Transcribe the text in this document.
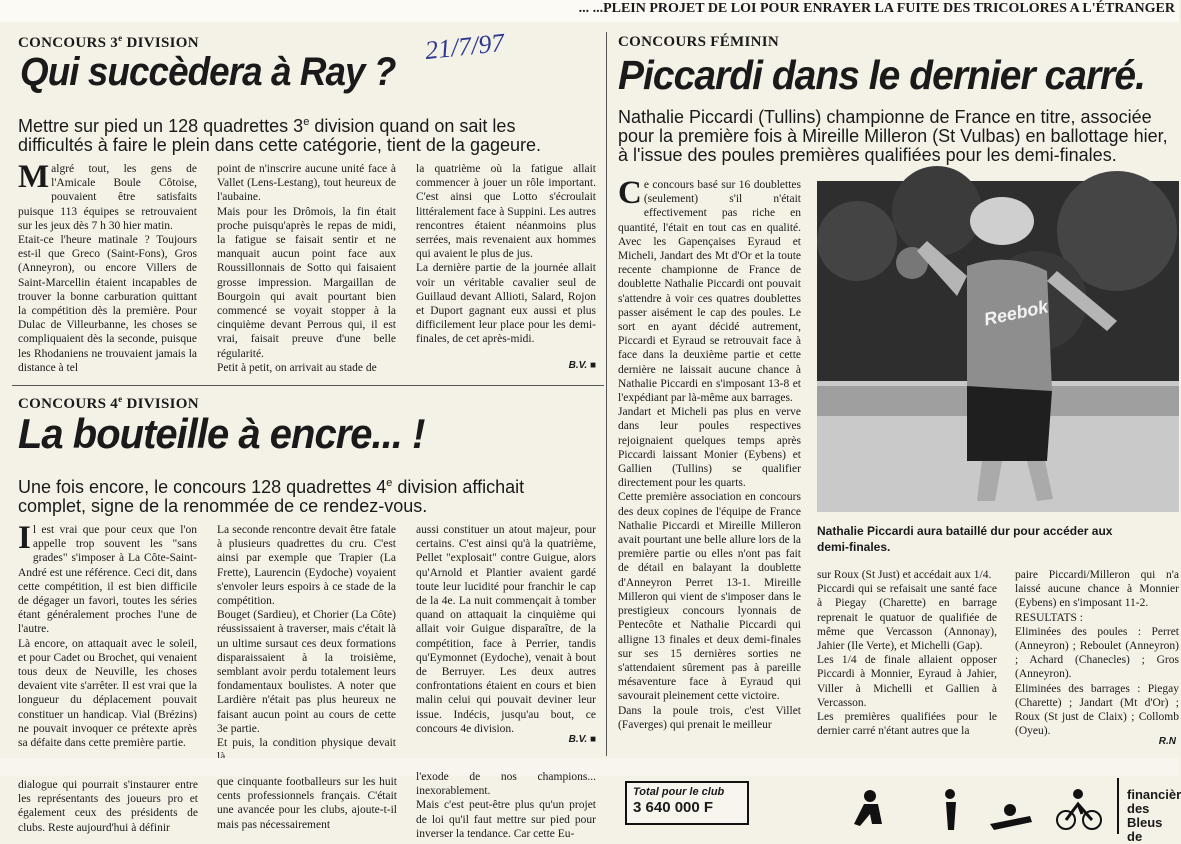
... ...PLEIN PROJET DE LOI POUR ENRAYER LA FUITE DES TRICOLORES A L'ÉTRANGER
CONCOURS 3e DIVISION	21/7/97
Qui succèdera à Ray ?
Mettre sur pied un 128 quadrettes 3e division quand on sait les difficultés à faire le plein dans cette catégorie, tient de la gageure.
Malgré tout, les gens de l'Amicale Boule Côtoise, pouvaient être satisfaits puisque 113 équipes se retrouvaient sur les jeux dès 7 h 30 hier matin.
Etait-ce l'heure matinale ? Toujours est-il que Greco (Saint-Fons), Gros (Anneyron), ou encore Villers de Saint-Marcellin étaient incapables de trouver la bonne carburation quittant la compétition dès la première. Pour Dulac de Villeurbanne, les choses se compliquaient dès la seconde, puisque les Rhodaniens ne trouvaient jamais la distance à tel
point de n'inscrire aucune unité face à Vallet (Lens-Lestang), tout heureux de l'aubaine.
Mais pour les Drômois, la fin était proche puisqu'après le repas de midi, la fatigue se faisait sentir et ne manquait aucun point face aux Roussillonnais de Sotto qui faisaient grosse impression. Margaillan de Bourgoin qui avait pourtant bien commencé se voyait stopper à la cinquième devant Perrous qui, il est vrai, faisait preuve d'une belle régularité.
Petit à petit, on arrivait au stade de
la quatrième où la fatigue allait commencer à jouer un rôle important. C'est ainsi que Lotto s'écroulait littéralement face à Suppini. Les autres rencontres étaient néanmoins plus serrées, mais revenaient aux hommes qui avaient le plus de jus.
La dernière partie de la journée allait voir un véritable cavalier seul de Guillaud devant Allioti, Salard, Rojon et Duport gagnant eux aussi et plus difficilement leur place pour les demi-finales, de cet après-midi.
B.V. ■
CONCOURS 4e DIVISION
La bouteille à encre... !
Une fois encore, le concours 128 quadrettes 4e division affichait complet, signe de la renommée de ce rendez-vous.
Il est vrai que pour ceux que l'on appelle trop souvent les "sans grades" s'imposer à La Côte-Saint-André est une référence. Ceci dit, dans cette compétition, il est bien difficile de dégager un favori, toutes les séries étant généralement proches l'une de l'autre.
Là encore, on attaquait avec le soleil, et pour Cadet ou Brochet, qui venaient tous deux de Neuville, les choses devaient vite s'arrêter. Il est vrai que la longueur du déplacement pouvait constituer un handicap. Vial (Brézins) ne pouvait invoquer ce prétexte après sa défaite dans cette première partie.
La seconde rencontre devait être fatale à plusieurs quadrettes du cru. C'est ainsi par exemple que Trapier (La Frette), Laurencin (Eydoche) voyaient s'envoler leurs espoirs à ce stade de la compétition.
Bouget (Sardieu), et Chorier (La Côte) réussissaient à traverser, mais c'était là un ultime sursaut ces deux formations disparaissaient à la troisième, semblant avoir perdu totalement leurs fondamentaux boulistes. A noter que Lardière n'était pas plus heureux ne faisant aucun point au cours de cette 3e partie.
Et puis, la condition physique devait
aussi constituer un atout majeur, pour certains. C'est ainsi qu'à la quatrième, Pellet "explosait" contre Guigue, alors qu'Arnold et Plantier avaient gardé toute leur lucidité pour franchir le cap de la 4e. La nuit commençait à tomber quand on attaquait la cinquième qui allait voir Guigue disparaître, de la compétition, face à Perrier, tandis qu'Eymonnet (Eydoche), venait à bout de Berruyer. Les deux autres confrontations étaient en cours et bien malin celui qui pouvait deviner leur issue. Indécis, jusqu'au bout, ce concours 4e division.
B.V. ■
CONCOURS FÉMININ
Piccardi dans le dernier carré.
Nathalie Piccardi (Tullins) championne de France en titre, associée pour la première fois à Mireille Milleron (St Vulbas) en ballottage hier, à l'issue des poules premières qualifiées pour les demi-finales.
Ce concours basé sur 16 doublettes (seulement) s'il n'était effectivement pas riche en quantité, l'était en tout cas en qualité. Avec les Gapençaises Eyraud et Micheli, Jandart des Mt d'Or et la toute recente championne de France de doublette Nathalie Piccardi ont pouvait s'attendre à voir ces quatres doublettes passer aisément le cap des poules. Le sort en ayant décidé autrement, Piccardi et Eyraud se retrouvait face à face dans la deuxième partie et cette dernière ne laissait aucune chance à Nathalie Piccardi en s'imposant 13-8 et l'expédiant par là-même aux barrages.
Jandart et Micheli pas plus en verve dans leur poules respectives rejoignaient quelques temps après Piccardi laissant Monier (Eybens) et Gallien (Tullins) se qualifier directement pour les quarts.
Cette première association en concours des deux copines de l'équipe de France Nathalie Piccardi et Mireille Milleron avait pourtant une belle allure lors de la première partie ou elles n'ont pas fait de détail en balayant la doublette d'Anneyron Perret 13-1. Mireille Milleron qui vient de s'imposer dans le prestigieux concours lyonnais de Pentecôte et Nathalie Piccardi qui alligne 13 finales et deux demi-finales sur ses 15 dernières sorties ne s'attendaient sûrement pas à pareille mésaventure face à Eyraud qui savourait pleinement cette victoire.
Dans la poule trois, c'est Villet (Faverges) qui prenait le meilleur
Reebok
Nathalie Piccardi aura bataillé dur pour accéder aux demi-finales.
sur Roux (St Just) et accédait aux 1/4.
Piccardi qui se refaisait une santé face à Piegay (Charette) en barrage reprenait le quatuor de qualifiée de même que Vercasson (Annonay), Jahier (Ile Verte), et Michelli (Gap).
Les 1/4 de finale allaient opposer Piccardi à Monnier, Eyraud à Jahier, Viller à Michelli et Gallien à Vercasson.
Les premières qualifiées pour le dernier carré n'étant autres que la
paire Piccardi/Milleron qui n'a laissé aucune chance à Monnier (Eybens) en s'imposant 11-2.
RESULTATS :
Eliminées des poules : Perret (Anneyron) ; Reboulet (Anneyron) ; Achard (Chanecles) ; Gros (Anneyron).
Eliminées des barrages : Piegay (Charette) ; Jandart (Mt d'Or) ; Roux (St just de Claix) ; Collomb (Oyeu).
R.N
dialogue qui pourrait s'instaurer entre les représentants des joueurs pro et également ceux des présidents de clubs. Reste aujourd'hui à définir
que cinquante footballeurs sur les huit cents professionnels français. C'était une avancée pour les clubs, ajoute-t-il mais pas nécessairement
l'exode de nos champions... inexorablement.
Mais c'est peut-être plus qu'un projet de loi qu'il faut mettre sur pied pour inverser la tendance. Car cette Eu-
Total pour le club
3 640 000 F
financièr des Bleus de
